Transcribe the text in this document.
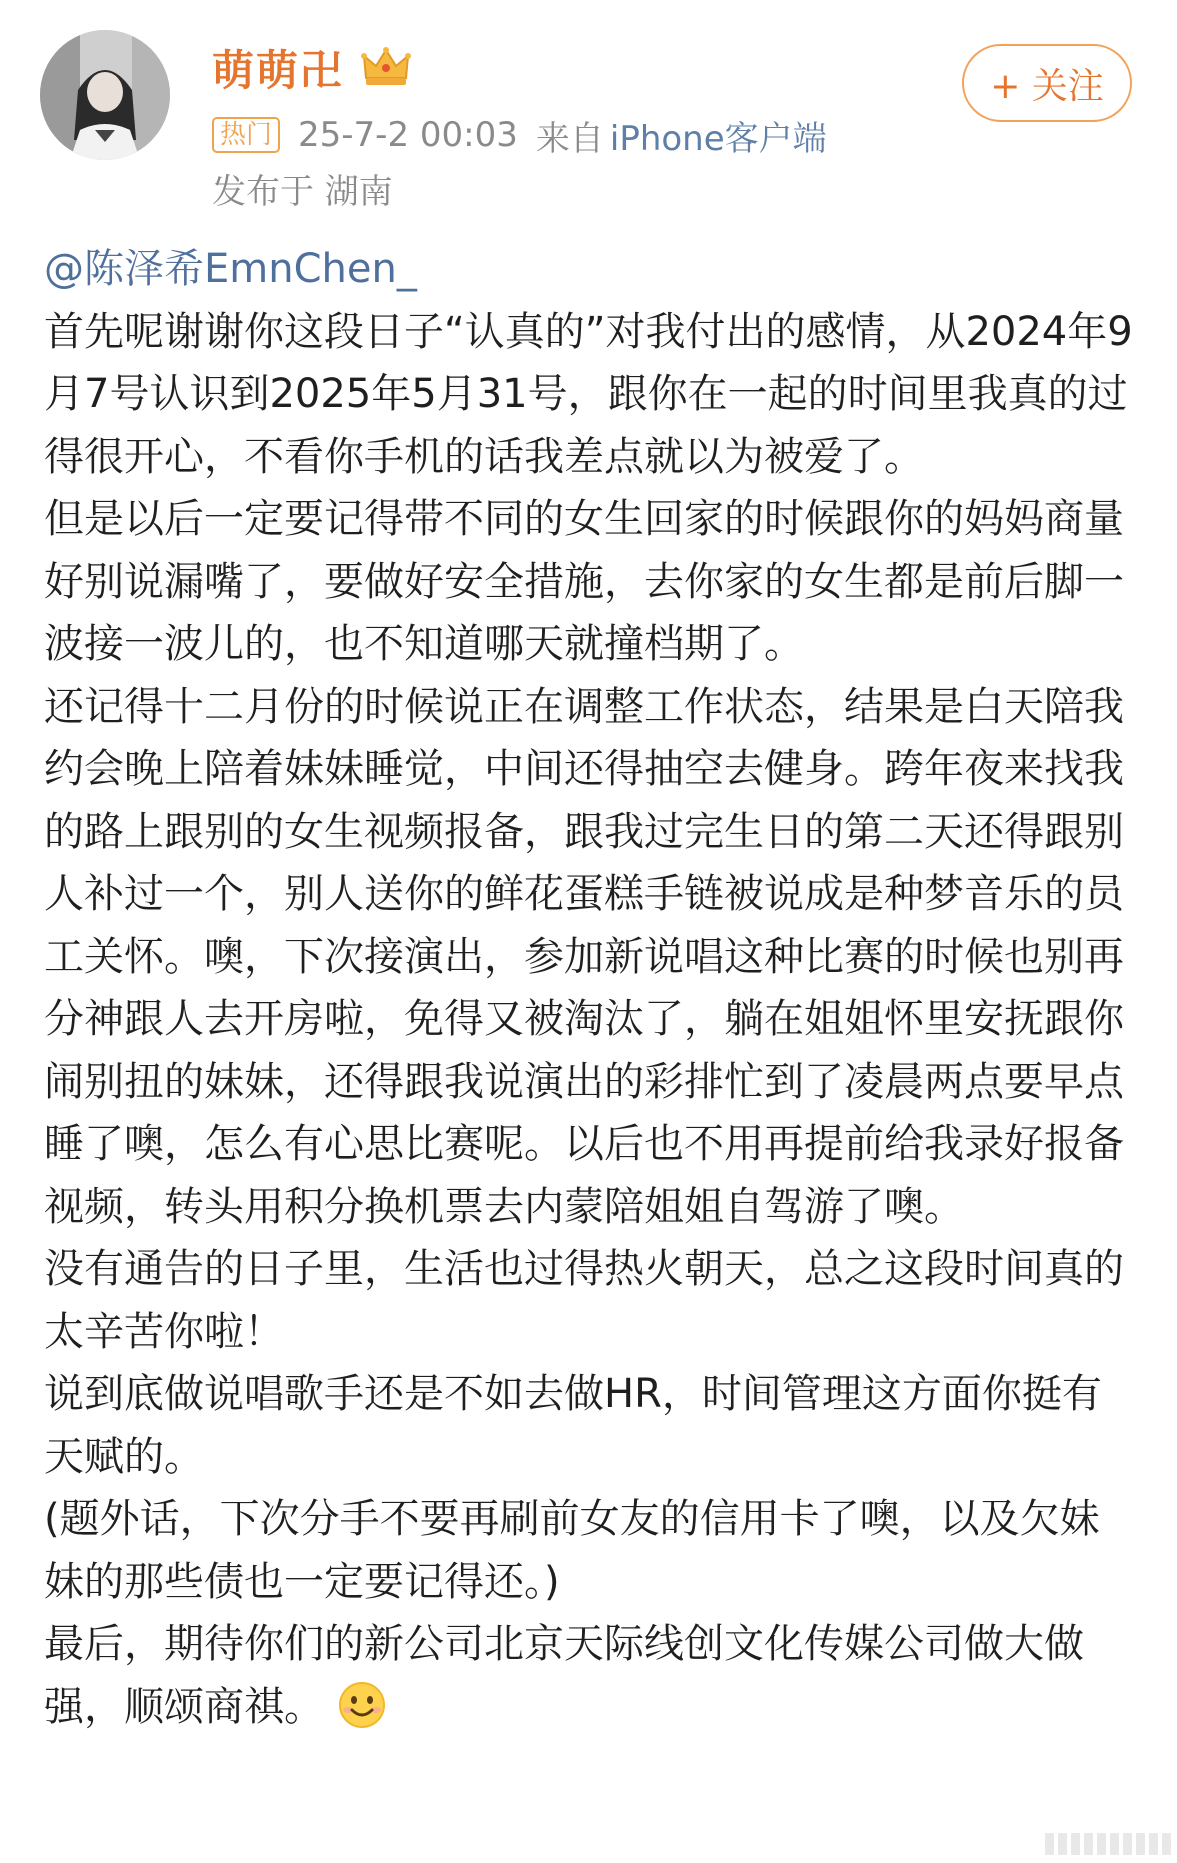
萌萌卍
热门 25-7-2 00:03 来自 iPhone客户端
发布于 湖南
+ 关注

@陈泽希EmnChen_

首先呢谢谢你这段日子“认真的”对我付出的感情，从2024年9月7号认识到2025年5月31号，跟你在一起的时间里我真的过得很开心，不看你手机的话我差点就以为被爱了。

但是以后一定要记得带不同的女生回家的时候跟你的妈妈商量好别说漏嘴了，要做好安全措施，去你家的女生都是前后脚一波接一波儿的，也不知道哪天就撞档期了。

还记得十二月份的时候说正在调整工作状态，结果是白天陪我约会晚上陪着妹妹睡觉，中间还得抽空去健身。跨年夜来找我的路上跟别的女生视频报备，跟我过完生日的第二天还得跟别人补过一个，别人送你的鲜花蛋糕手链被说成是种梦音乐的员工关怀。噢，下次接演出，参加新说唱这种比赛的时候也别再分神跟人去开房啦，免得又被淘汰了，躺在姐姐怀里安抚跟你闹别扭的妹妹，还得跟我说演出的彩排忙到了凌晨两点要早点睡了噢，怎么有心思比赛呢。以后也不用再提前给我录好报备视频，转头用积分换机票去内蒙陪姐姐自驾游了噢。

没有通告的日子里，生活也过得热火朝天，总之这段时间真的太辛苦你啦！

说到底做说唱歌手还是不如去做HR，时间管理这方面你挺有天赋的。

(题外话，下次分手不要再刷前女友的信用卡了噢，以及欠妹妹的那些债也一定要记得还。)

最后，期待你们的新公司北京天际线创文化传媒公司做大做强，顺颂商祺。
